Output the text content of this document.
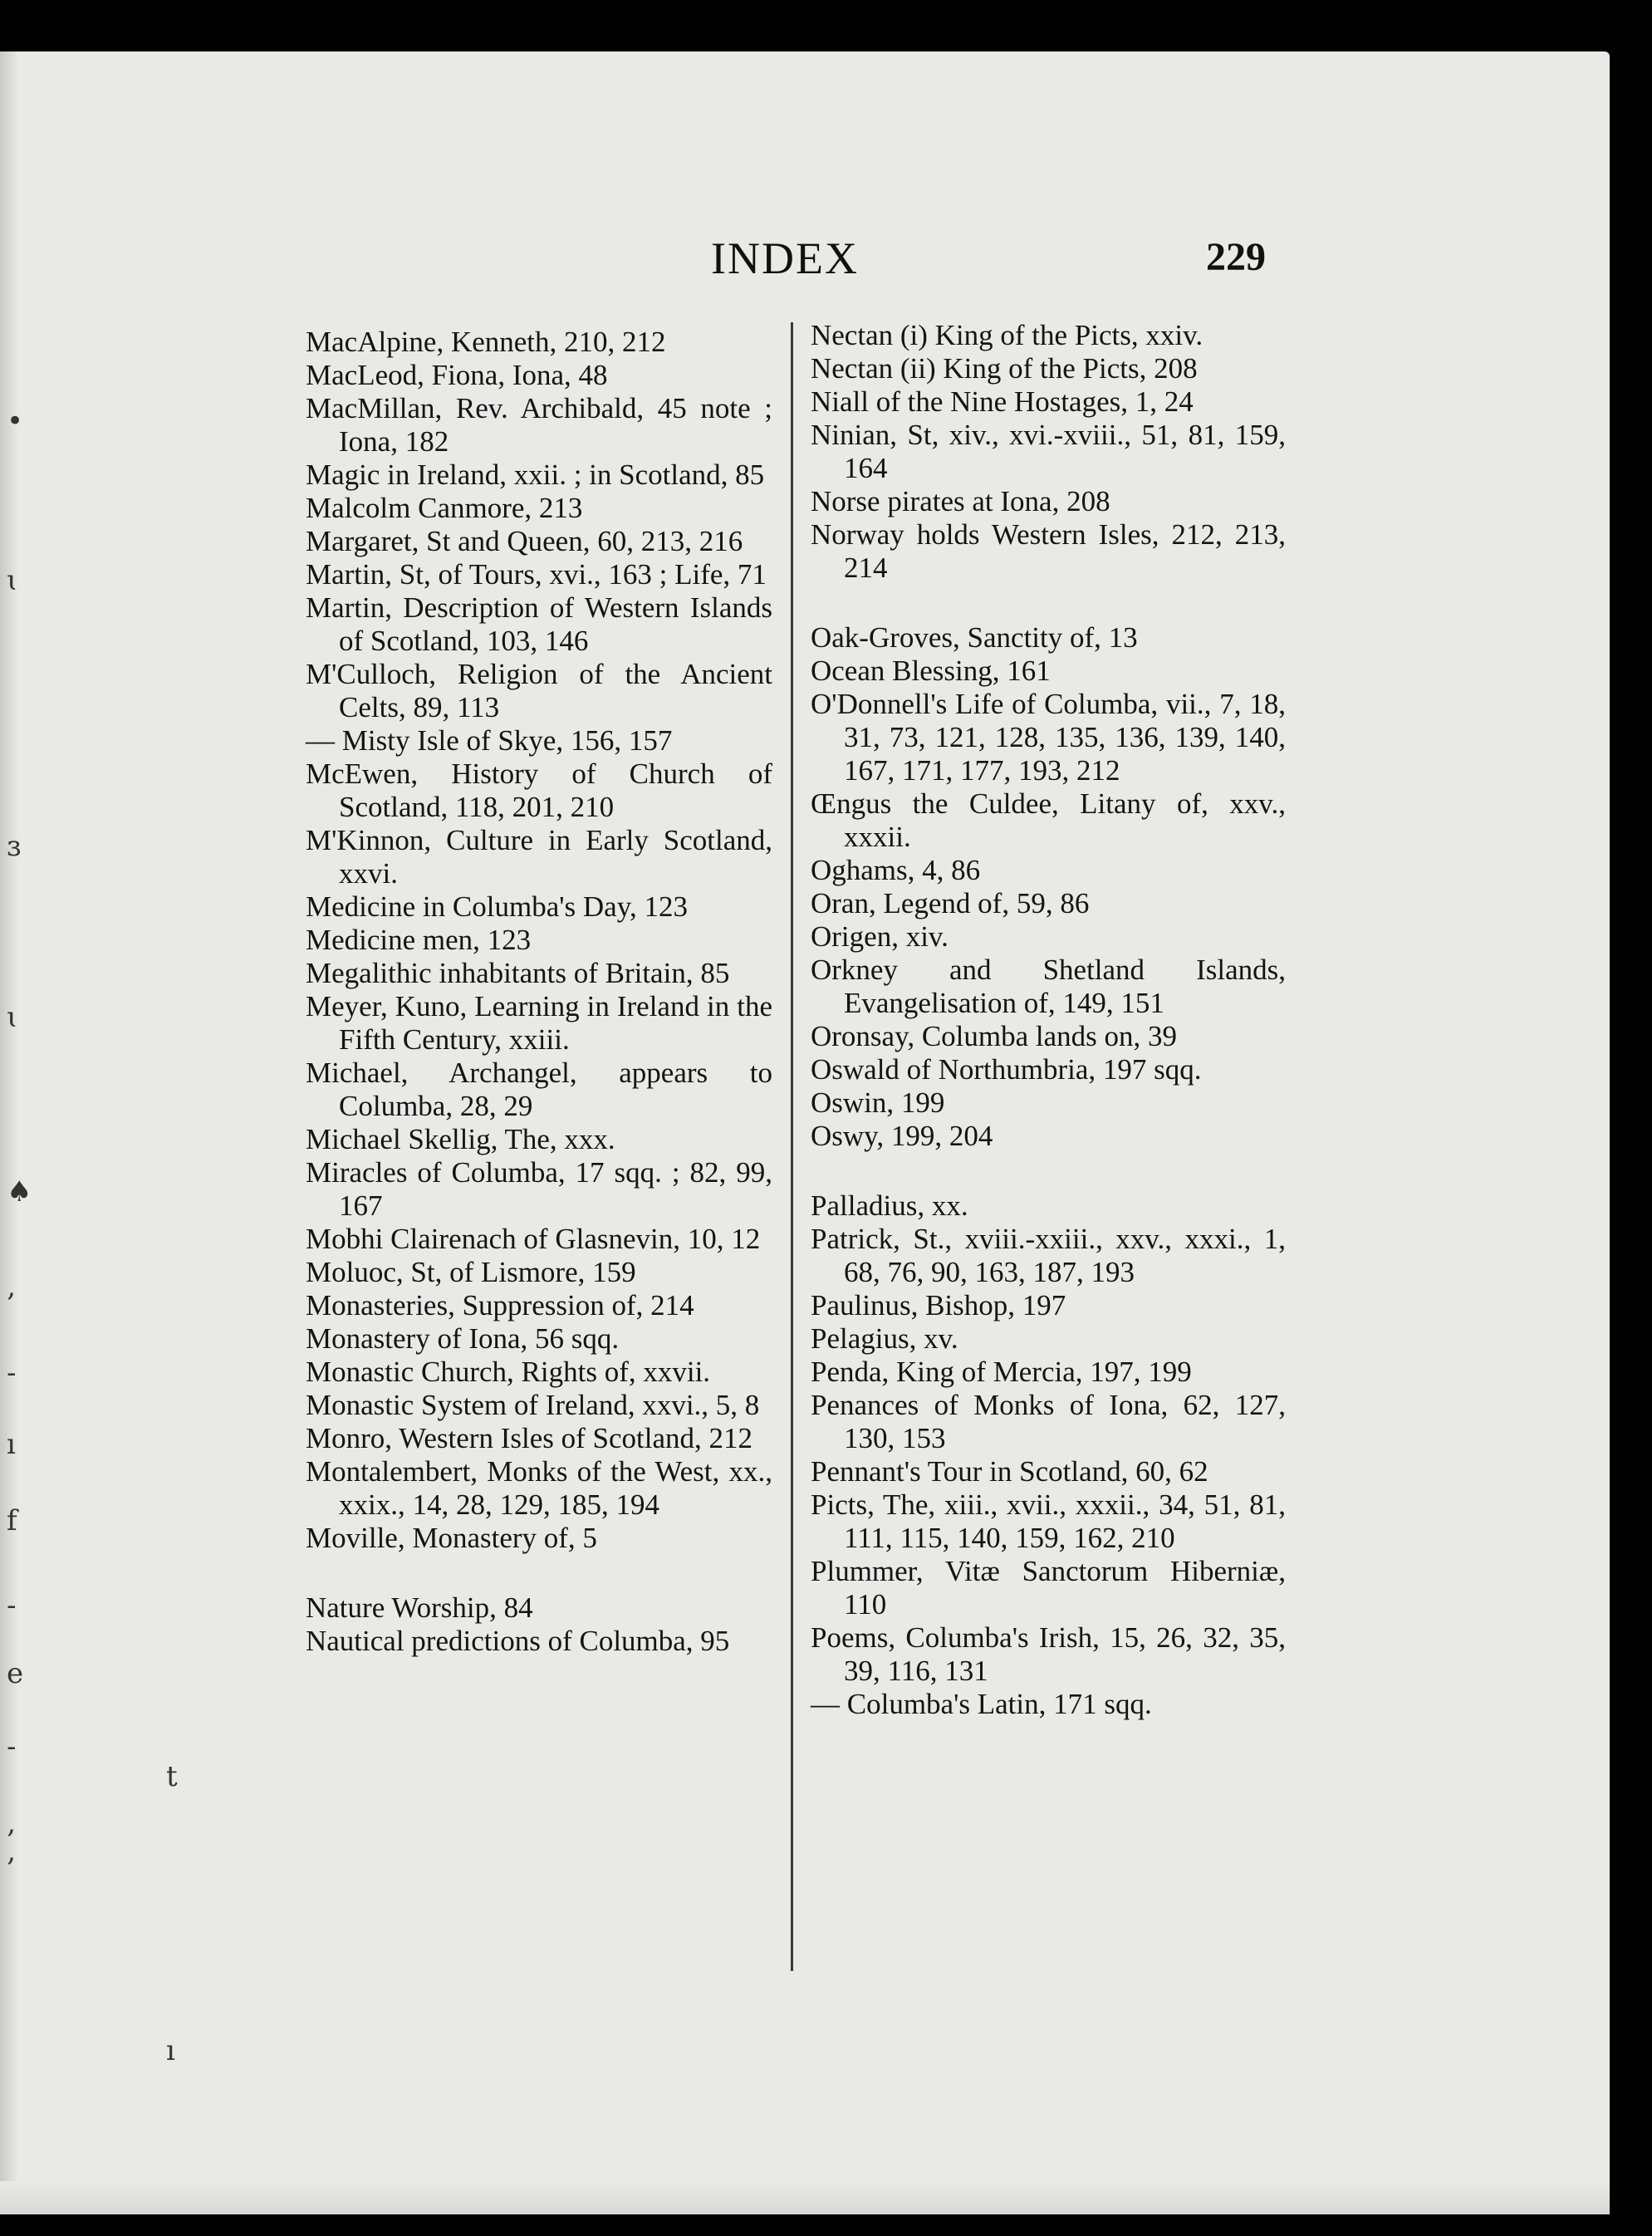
•
ɩ
ɜ
ɩ
♠
‚
-
ı
f
-
e
-
‚
t
‚
ı
INDEX	229

MacAlpine, Kenneth, 210, 212

MacLeod, Fiona, Iona, 48

MacMillan, Rev. Archibald, 45 note ; Iona, 182

Magic in Ireland, xxii. ; in Scotland, 85

Malcolm Canmore, 213

Margaret, St and Queen, 60, 213, 216

Martin, St, of Tours, xvi., 163 ; Life, 71

Martin, Description of Western Islands of Scotland, 103, 146

M'Culloch, Religion of the Ancient Celts, 89, 113

— Misty Isle of Skye, 156, 157

McEwen, History of Church of Scotland, 118, 201, 210

M'Kinnon, Culture in Early Scotland, xxvi.

Medicine in Columba's Day, 123

Medicine men, 123

Megalithic inhabitants of Britain, 85

Meyer, Kuno, Learning in Ireland in the Fifth Century, xxiii.

Michael, Archangel, appears to Columba, 28, 29

Michael Skellig, The, xxx.

Miracles of Columba, 17 sqq. ; 82, 99, 167

Mobhi Clairenach of Glasnevin, 10, 12

Moluoc, St, of Lismore, 159

Monasteries, Suppression of, 214

Monastery of Iona, 56 sqq.

Monastic Church, Rights of, xxvii.

Monastic System of Ireland, xxvi., 5, 8

Monro, Western Isles of Scotland, 212

Montalembert, Monks of the West, xx., xxix., 14, 28, 129, 185, 194

Moville, Monastery of, 5

Nature Worship, 84

Nautical predictions of Columba, 95

Nectan (i) King of the Picts, xxiv.

Nectan (ii) King of the Picts, 208

Niall of the Nine Hostages, 1, 24

Ninian, St, xiv., xvi.-xviii., 51, 81, 159, 164

Norse pirates at Iona, 208

Norway holds Western Isles, 212, 213, 214

Oak-Groves, Sanctity of, 13

Ocean Blessing, 161

O'Donnell's Life of Columba, vii., 7, 18, 31, 73, 121, 128, 135, 136, 139, 140, 167, 171, 177, 193, 212

Œngus the Culdee, Litany of, xxv., xxxii.

Oghams, 4, 86

Oran, Legend of, 59, 86

Origen, xiv.

Orkney and Shetland Islands, Evangelisation of, 149, 151

Oronsay, Columba lands on, 39

Oswald of Northumbria, 197 sqq.

Oswin, 199

Oswy, 199, 204

Palladius, xx.

Patrick, St., xviii.-xxiii., xxv., xxxi., 1, 68, 76, 90, 163, 187, 193

Paulinus, Bishop, 197

Pelagius, xv.

Penda, King of Mercia, 197, 199

Penances of Monks of Iona, 62, 127, 130, 153

Pennant's Tour in Scotland, 60, 62

Picts, The, xiii., xvii., xxxii., 34, 51, 81, 111, 115, 140, 159, 162, 210

Plummer, Vitæ Sanctorum Hiberniæ, 110

Poems, Columba's Irish, 15, 26, 32, 35, 39, 116, 131

— Columba's Latin, 171 sqq.
